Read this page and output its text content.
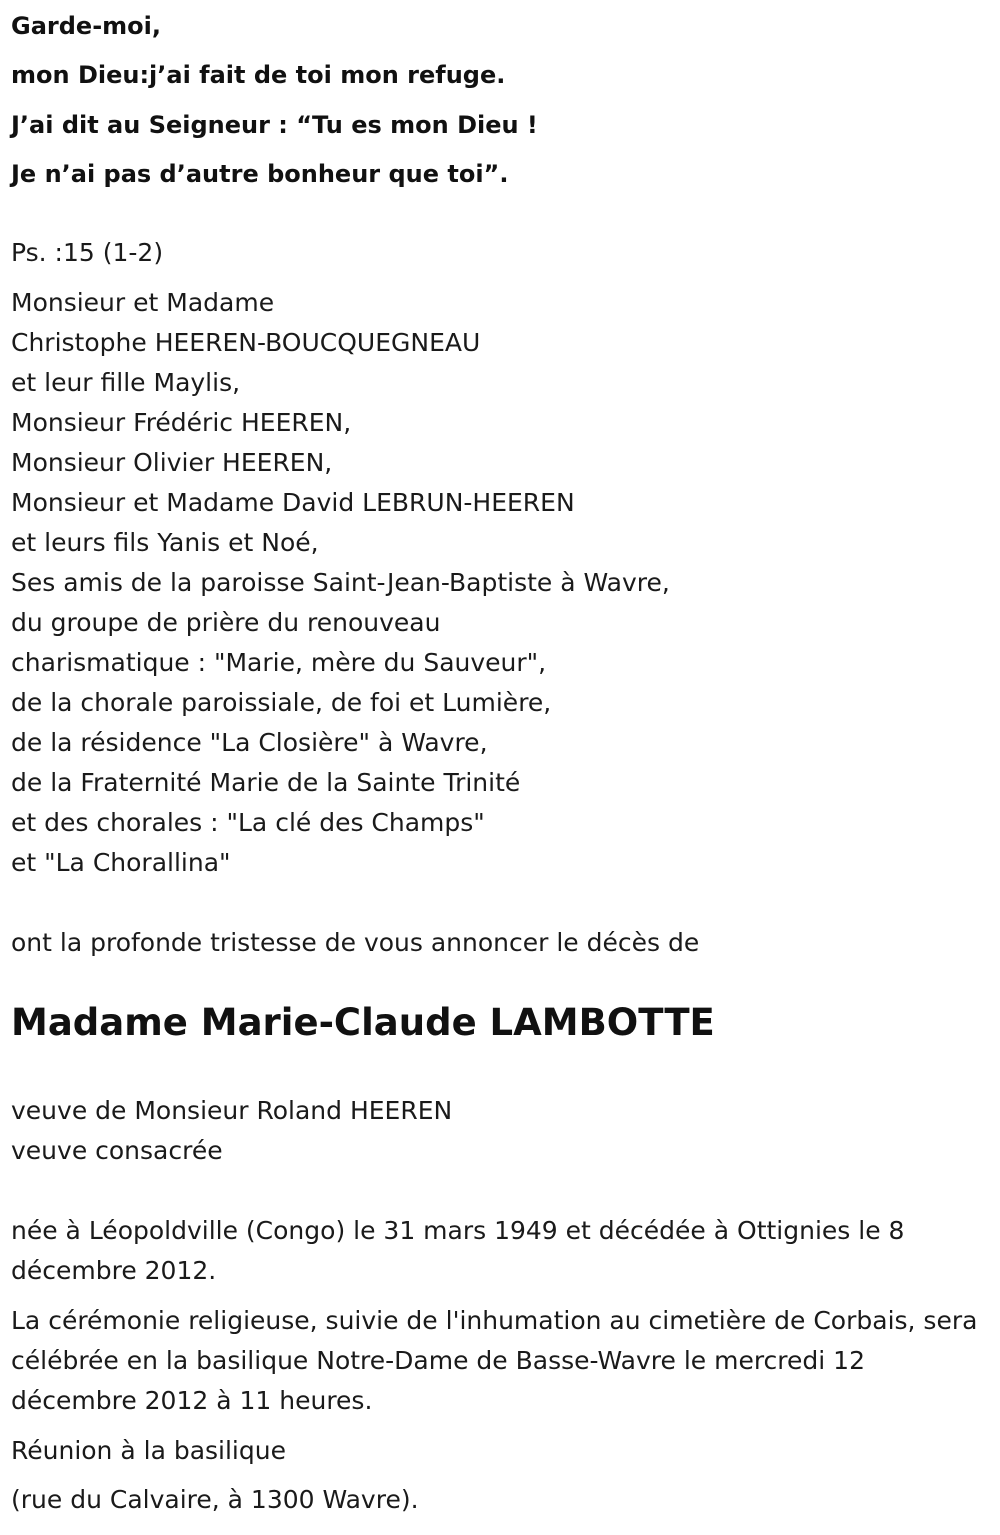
Garde-moi,
mon Dieu:j’ai fait de toi mon refuge.
J’ai dit au Seigneur : “Tu es mon Dieu !
Je n’ai pas d’autre bonheur que toi”.
Ps. :15 (1-2)
Monsieur et Madame
Christophe HEEREN-BOUCQUEGNEAU
et leur fille Maylis,
Monsieur Frédéric HEEREN,
Monsieur Olivier HEEREN,
Monsieur et Madame David LEBRUN-HEEREN
et leurs fils Yanis et Noé,
Ses amis de la paroisse Saint-Jean-Baptiste à Wavre,
du groupe de prière du renouveau
charismatique : "Marie, mère du Sauveur",
de la chorale paroissiale, de foi et Lumière,
de la résidence "La Closière" à Wavre,
de la Fraternité Marie de la Sainte Trinité
et des chorales : "La clé des Champs"
et "La Chorallina"
ont la profonde tristesse de vous annoncer le décès de
Madame Marie-Claude LAMBOTTE
veuve de Monsieur Roland HEEREN
veuve consacrée
née à Léopoldville (Congo) le 31 mars 1949 et décédée à Ottignies le 8 décembre 2012.
La cérémonie religieuse, suivie de l'inhumation au cimetière de Corbais, sera célébrée en la basilique Notre-Dame de Basse-Wavre le mercredi 12 décembre 2012 à 11 heures.
Réunion à la basilique
(rue du Calvaire, à 1300 Wavre).
